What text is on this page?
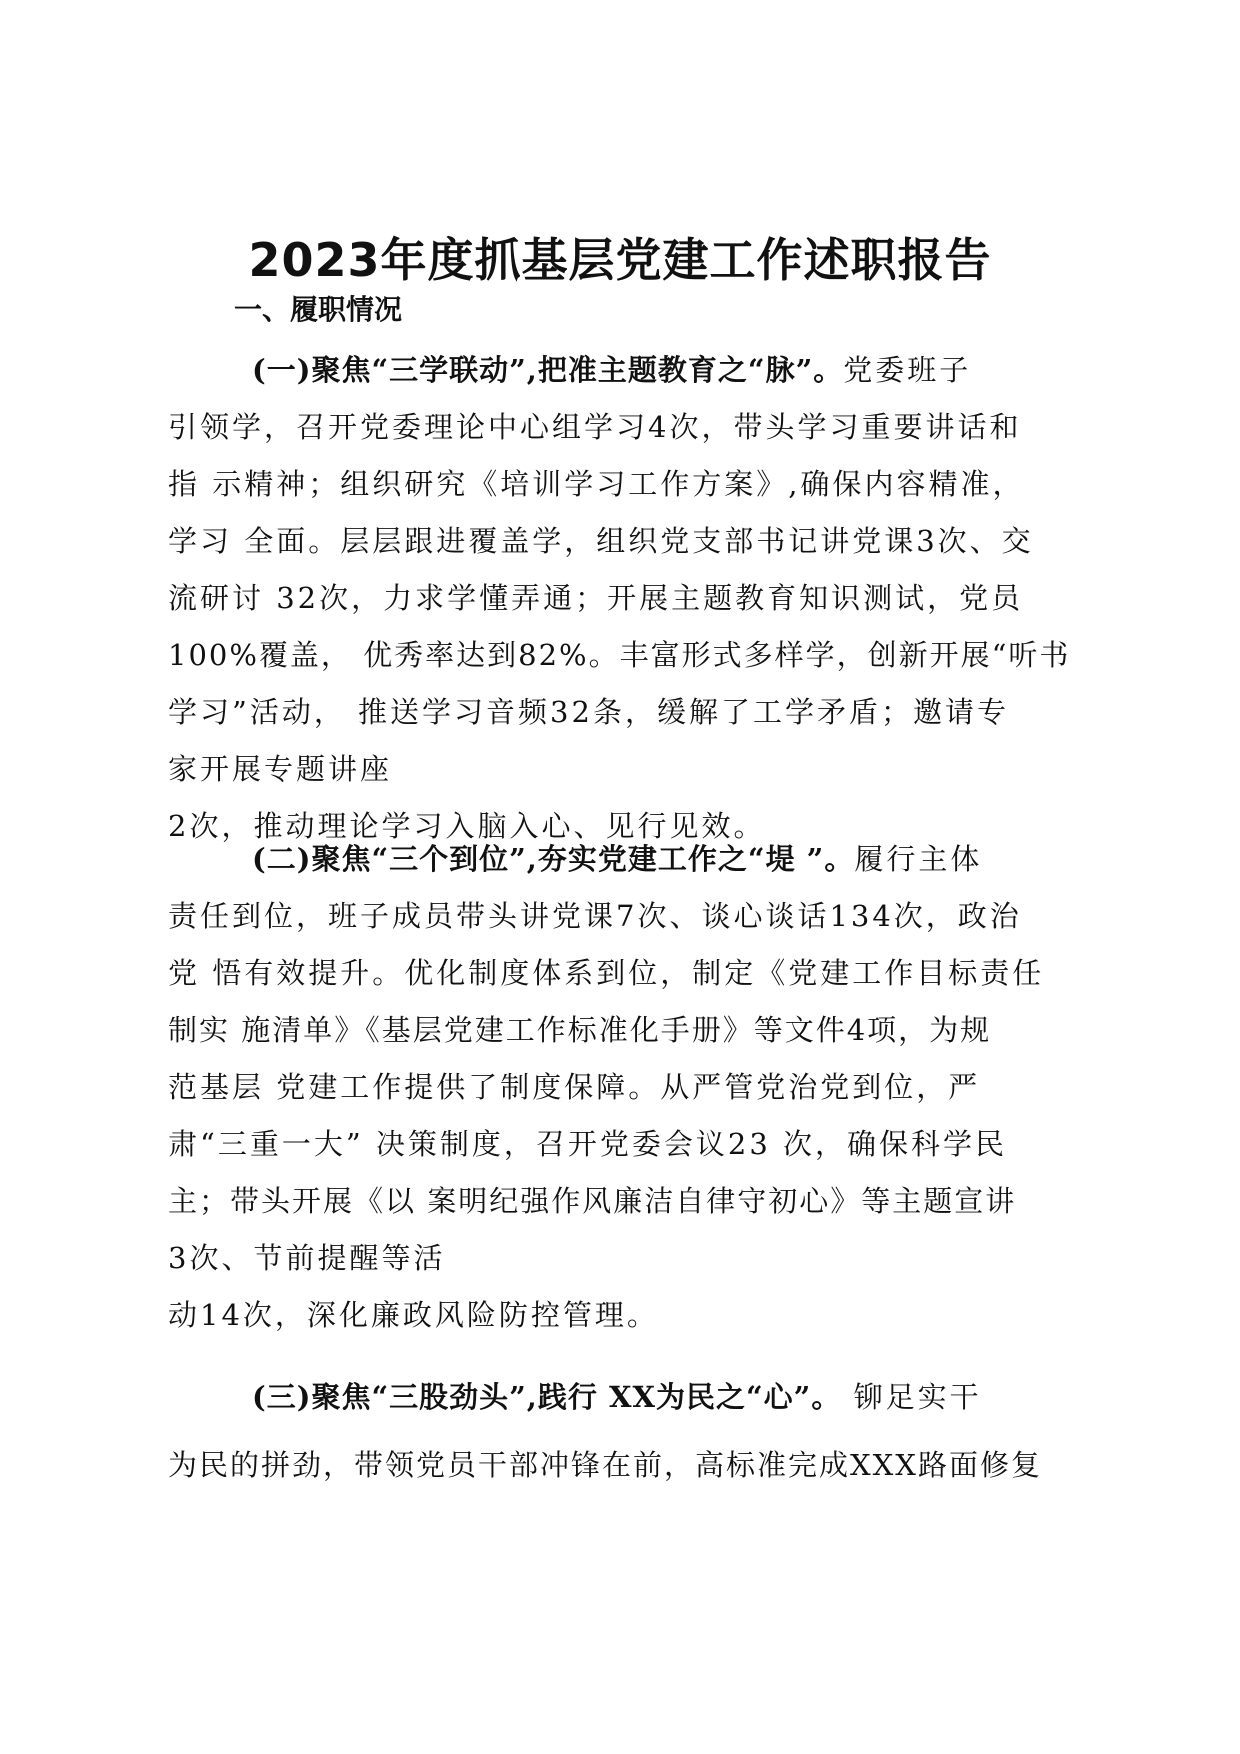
2023年度抓基层党建工作述职报告
一、履职情况
(一)聚焦“三学联动”,把准主题教育之“脉”。党委班子
引领学，召开党委理论中心组学习4次，带头学习重要讲话和
指 示精神；组织研究《培训学习工作方案》,确保内容精准，
学习 全面。层层跟进覆盖学，组织党支部书记讲党课3次、交
流研讨 32次，力求学懂弄通；开展主题教育知识测试，党员
100%覆盖， 优秀率达到82%。丰富形式多样学，创新开展“听书
学习”活动， 推送学习音频32条，缓解了工学矛盾；邀请专
家开展专题讲座
2次，推动理论学习入脑入心、见行见效。
(二)聚焦“三个到位”,夯实党建工作之“堤 ”。履行主体
责任到位，班子成员带头讲党课7次、谈心谈话134次，政治
党 悟有效提升。优化制度体系到位，制定《党建工作目标责任
制实 施清单》《基层党建工作标准化手册》等文件4项，为规
范基层 党建工作提供了制度保障。从严管党治党到位，严
肃“三重一大” 决策制度，召开党委会议23 次，确保科学民
主；带头开展《以 案明纪强作风廉洁自律守初心》等主题宣讲
3次、节前提醒等活
动14次，深化廉政风险防控管理。
(三)聚焦“三股劲头”,践行 XX为民之“心”。 铆足实干
为民的拼劲，带领党员干部冲锋在前，高标准完成XXX路面修复
